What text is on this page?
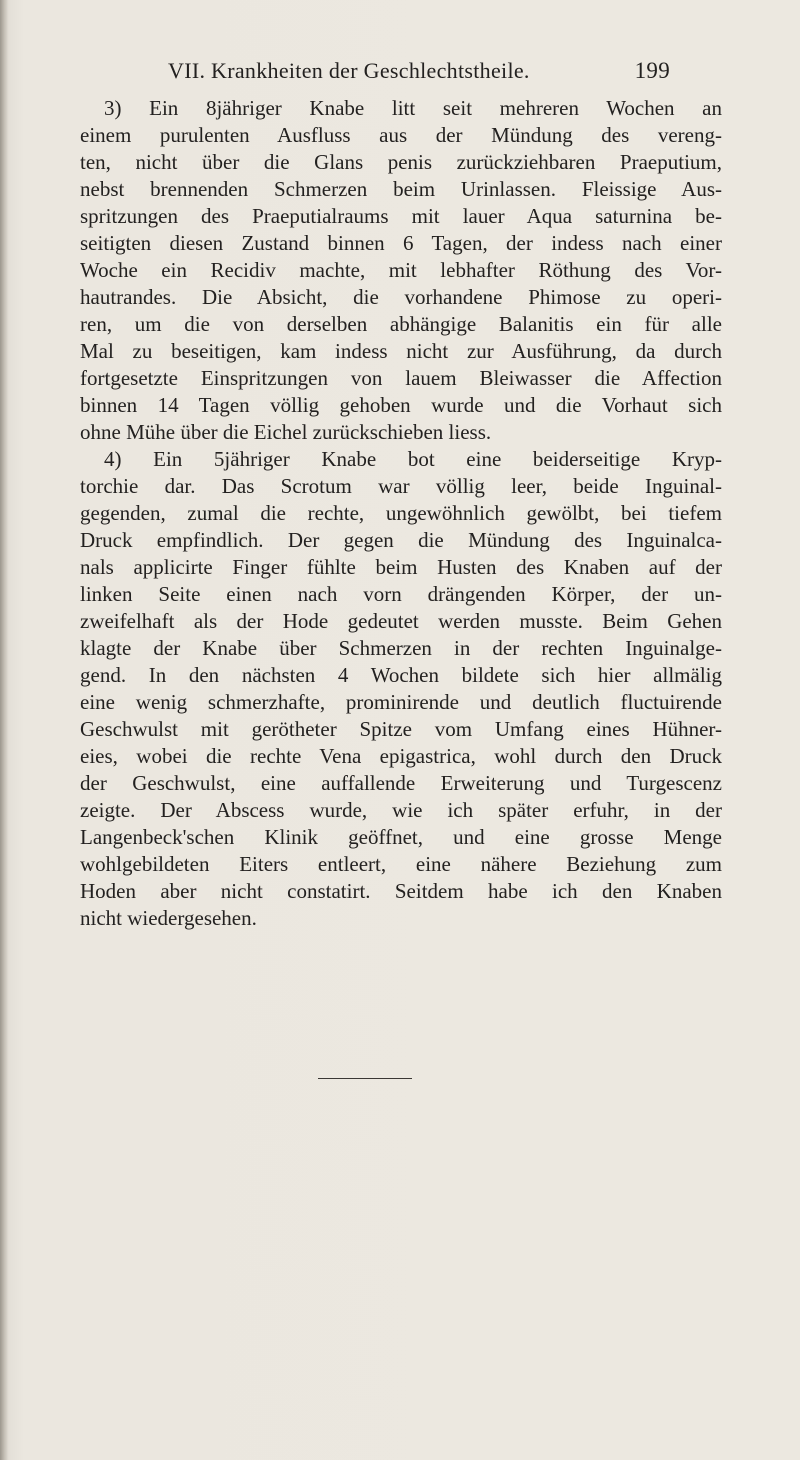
VII. Krankheiten der Geschlechtstheile.	199

3) Ein 8jähriger Knabe litt seit mehreren Wochen an
einem purulenten Ausfluss aus der Mündung des vereng-
ten, nicht über die Glans penis zurückziehbaren Praeputium,
nebst brennenden Schmerzen beim Urinlassen. Fleissige Aus-
spritzungen des Praeputialraums mit lauer Aqua saturnina be-
seitigten diesen Zustand binnen 6 Tagen, der indess nach einer
Woche ein Recidiv machte, mit lebhafter Röthung des Vor-
hautrandes. Die Absicht, die vorhandene Phimose zu operi-
ren, um die von derselben abhängige Balanitis ein für alle
Mal zu beseitigen, kam indess nicht zur Ausführung, da durch
fortgesetzte Einspritzungen von lauem Bleiwasser die Affection
binnen 14 Tagen völlig gehoben wurde und die Vorhaut sich
ohne Mühe über die Eichel zurückschieben liess.

4) Ein 5jähriger Knabe bot eine beiderseitige Kryp-
torchie dar. Das Scrotum war völlig leer, beide Inguinal-
gegenden, zumal die rechte, ungewöhnlich gewölbt, bei tiefem
Druck empfindlich. Der gegen die Mündung des Inguinalca-
nals applicirte Finger fühlte beim Husten des Knaben auf der
linken Seite einen nach vorn drängenden Körper, der un-
zweifelhaft als der Hode gedeutet werden musste. Beim Gehen
klagte der Knabe über Schmerzen in der rechten Inguinalge-
gend. In den nächsten 4 Wochen bildete sich hier allmälig
eine wenig schmerzhafte, prominirende und deutlich fluctuirende
Geschwulst mit gerötheter Spitze vom Umfang eines Hühner-
eies, wobei die rechte Vena epigastrica, wohl durch den Druck
der Geschwulst, eine auffallende Erweiterung und Turgescenz
zeigte. Der Abscess wurde, wie ich später erfuhr, in der
Langenbeck'schen Klinik geöffnet, und eine grosse Menge
wohlgebildeten Eiters entleert, eine nähere Beziehung zum
Hoden aber nicht constatirt. Seitdem habe ich den Knaben
nicht wiedergesehen.
